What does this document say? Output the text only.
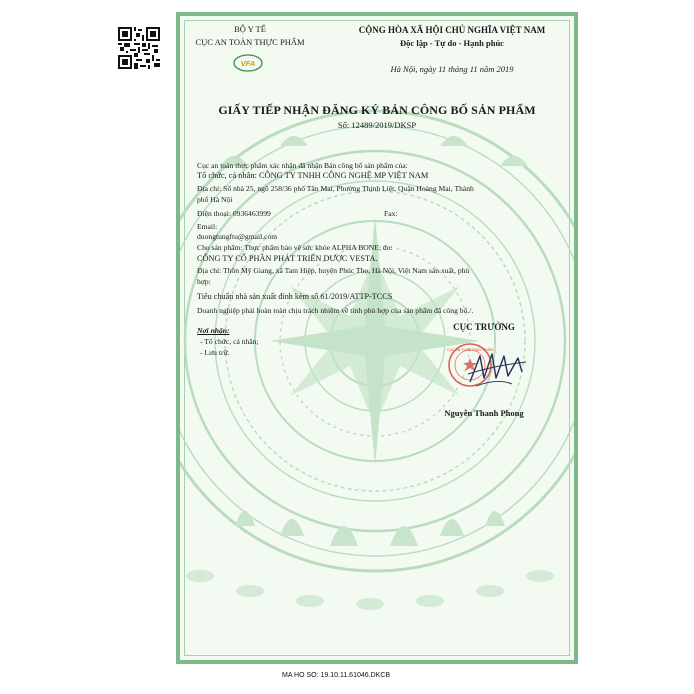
BỘ Y TẾ
CỤC AN TOÀN THỰC PHẨM
VFA
CỘNG HÒA XÃ HỘI CHỦ NGHĨA VIỆT NAM
Độc lập - Tự do - Hạnh phúc
Hà Nội, ngày 11 tháng 11 năm 2019
GIẤY TIẾP NHẬN ĐĂNG KÝ BẢN CÔNG BỐ SẢN PHẨM
Số: 12489/2019/DKSP
Cục an toàn thực phẩm xác nhận đã nhận Bản công bố sản phẩm của:
Tổ chức, cá nhân: CÔNG TY TNHH CÔNG NGHỆ MP VIỆT NAM
Địa chỉ: Số nhà 25, ngõ 258/36 phố Tân Mai, Phường Thịnh Liệt, Quận Hoàng Mai, Thành
phố Hà Nội
Điện thoại: 0936463999	Fax:
Email:
duongtungftu@gmail.com
Cho sản phẩm: Thực phẩm bảo vệ sức khỏe ALPHA BONE; do:
CÔNG TY CỔ PHẦN PHÁT TRIỂN DƯỢC VESTA.
Địa chỉ: Thôn Mỹ Giang, xã Tam Hiệp, huyện Phúc Thọ, Hà Nội, Việt Nam sản xuất, phù
hợp:
Tiêu chuẩn nhà sản xuất đính kèm số 61/2019/ATTP-TCCS
Doanh nghiệp phải hoàn toàn chịu trách nhiệm về tính phù hợp của sản phẩm đã công bố./.
Nơi nhận:
- Tổ chức, cá nhân;
- Lưu trữ.
CỤC TRƯỞNG
CỤC AN TOÀN THỰC PHẨM
Nguyễn Thanh Phong
MA HO SO: 19.10.11.61046.DKCB
